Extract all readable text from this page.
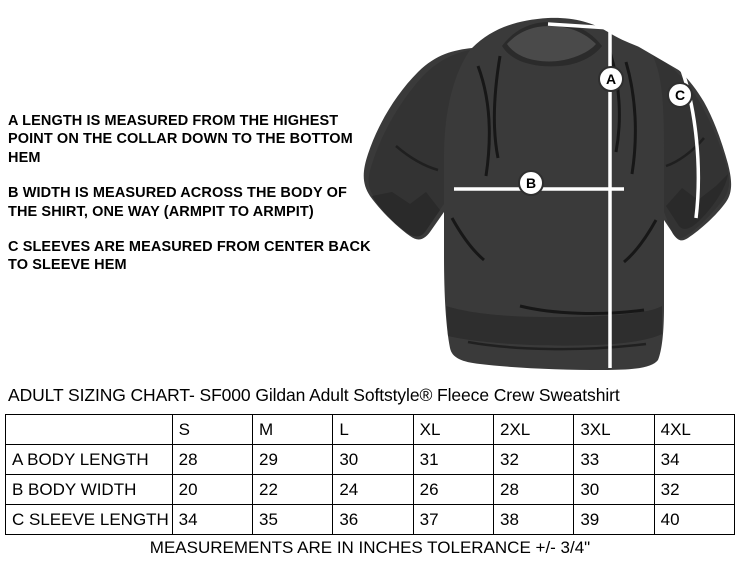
A LENGTH IS MEASURED FROM THE HIGHEST POINT ON THE COLLAR DOWN TO THE BOTTOM HEM
B WIDTH IS MEASURED ACROSS THE BODY OF THE SHIRT, ONE WAY (ARMPIT TO ARMPIT)
C SLEEVES ARE MEASURED FROM CENTER BACK TO SLEEVE HEM
A
B
C
ADULT SIZING CHART- SF000 Gildan Adult Softstyle® Fleece Crew Sweatshirt
	S	M	L	XL	2XL	3XL	4XL
A BODY LENGTH	28	29	30	31	32	33	34
B BODY WIDTH	20	22	24	26	28	30	32
C SLEEVE LENGTH	34	35	36	37	38	39	40
MEASUREMENTS ARE IN INCHES TOLERANCE +/- 3/4"
